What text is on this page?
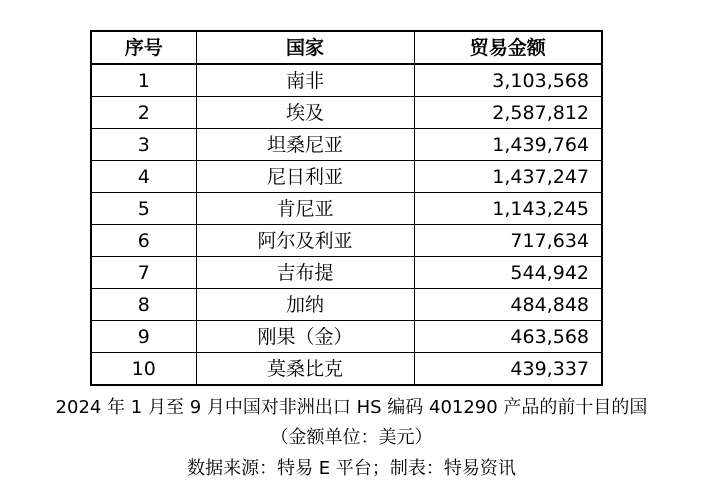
序号	国家	贸易金额
1	南非	3,103,568
2	埃及	2,587,812
3	坦桑尼亚	1,439,764
4	尼日利亚	1,437,247
5	肯尼亚	1,143,245
6	阿尔及利亚	717,634
7	吉布提	544,942
8	加纳	484,848
9	刚果（金）	463,568
10	莫桑比克	439,337
2024 年 1 月至 9 月中国对非洲出口 HS 编码 401290 产品的前十目的国
（金额单位：美元）
数据来源：特易 E 平台；制表：特易资讯
